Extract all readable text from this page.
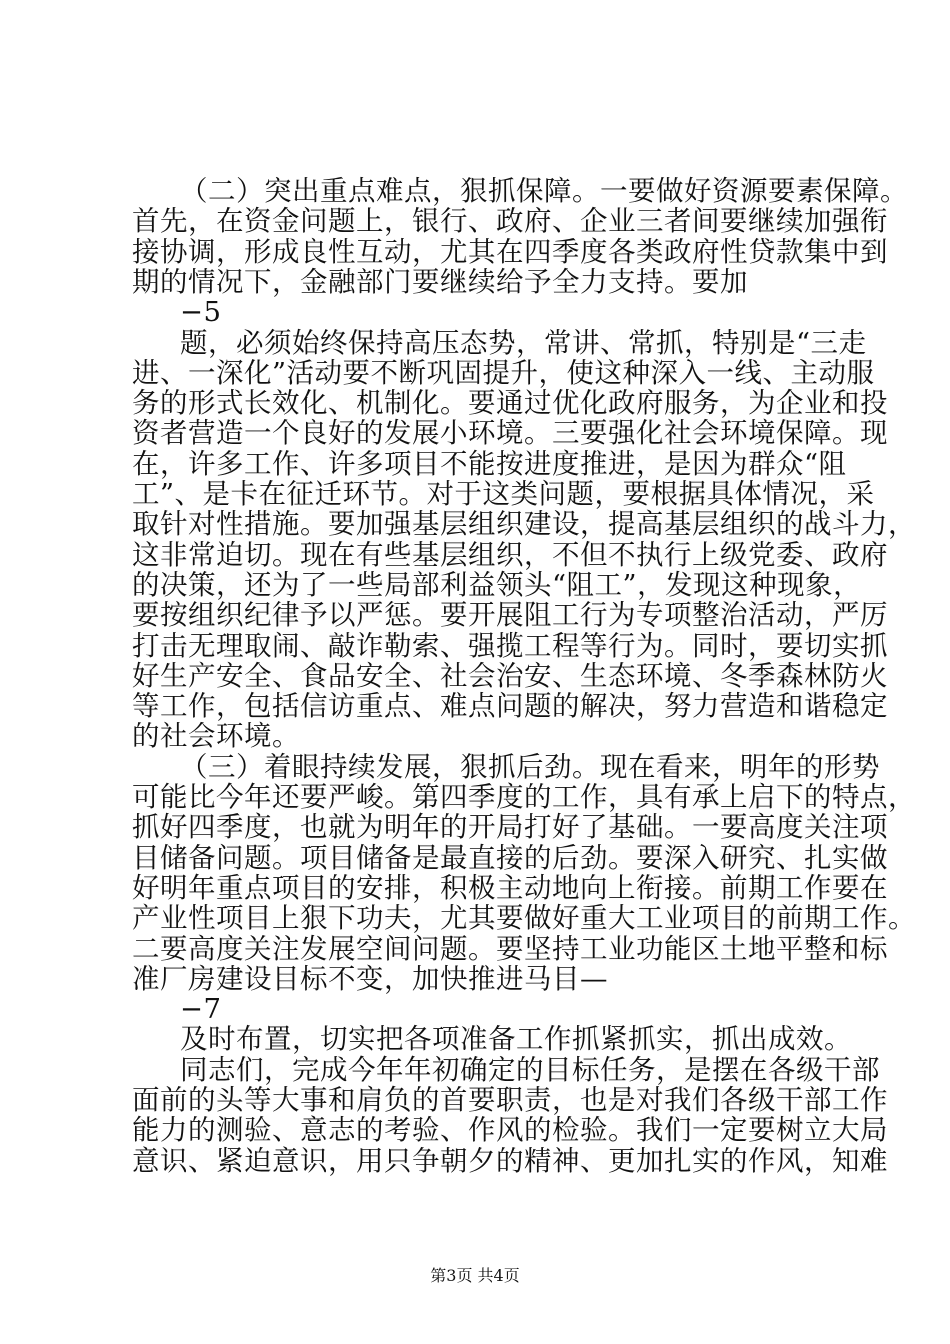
（二）突出重点难点，狠抓保障。一要做好资源要素保障。
首先，在资金问题上，银行、政府、企业三者间要继续加强衔
接协调，形成良性互动，尤其在四季度各类政府性贷款集中到
期的情况下，金融部门要继续给予全力支持。要加
−5
题，必须始终保持高压态势，常讲、常抓，特别是“三走
进、一深化”活动要不断巩固提升，使这种深入一线、主动服
务的形式长效化、机制化。要通过优化政府服务，为企业和投
资者营造一个良好的发展小环境。三要强化社会环境保障。现
在，许多工作、许多项目不能按进度推进，是因为群众“阻
工”、是卡在征迁环节。对于这类问题，要根据具体情况，采
取针对性措施。要加强基层组织建设，提高基层组织的战斗力，
这非常迫切。现在有些基层组织，不但不执行上级党委、政府
的决策，还为了一些局部利益领头“阻工”，发现这种现象，
要按组织纪律予以严惩。要开展阻工行为专项整治活动，严厉
打击无理取闹、敲诈勒索、强揽工程等行为。同时，要切实抓
好生产安全、食品安全、社会治安、生态环境、冬季森林防火
等工作，包括信访重点、难点问题的解决，努力营造和谐稳定
的社会环境。
（三）着眼持续发展，狠抓后劲。现在看来，明年的形势
可能比今年还要严峻。第四季度的工作，具有承上启下的特点，
抓好四季度，也就为明年的开局打好了基础。一要高度关注项
目储备问题。项目储备是最直接的后劲。要深入研究、扎实做
好明年重点项目的安排，积极主动地向上衔接。前期工作要在
产业性项目上狠下功夫，尤其要做好重大工业项目的前期工作。
二要高度关注发展空间问题。要坚持工业功能区土地平整和标
准厂房建设目标不变，加快推进马目—
−7
及时布置，切实把各项准备工作抓紧抓实，抓出成效。
同志们，完成今年年初确定的目标任务，是摆在各级干部
面前的头等大事和肩负的首要职责，也是对我们各级干部工作
能力的测验、意志的考验、作风的检验。我们一定要树立大局
意识、紧迫意识，用只争朝夕的精神、更加扎实的作风，知难
第3页 共4页
